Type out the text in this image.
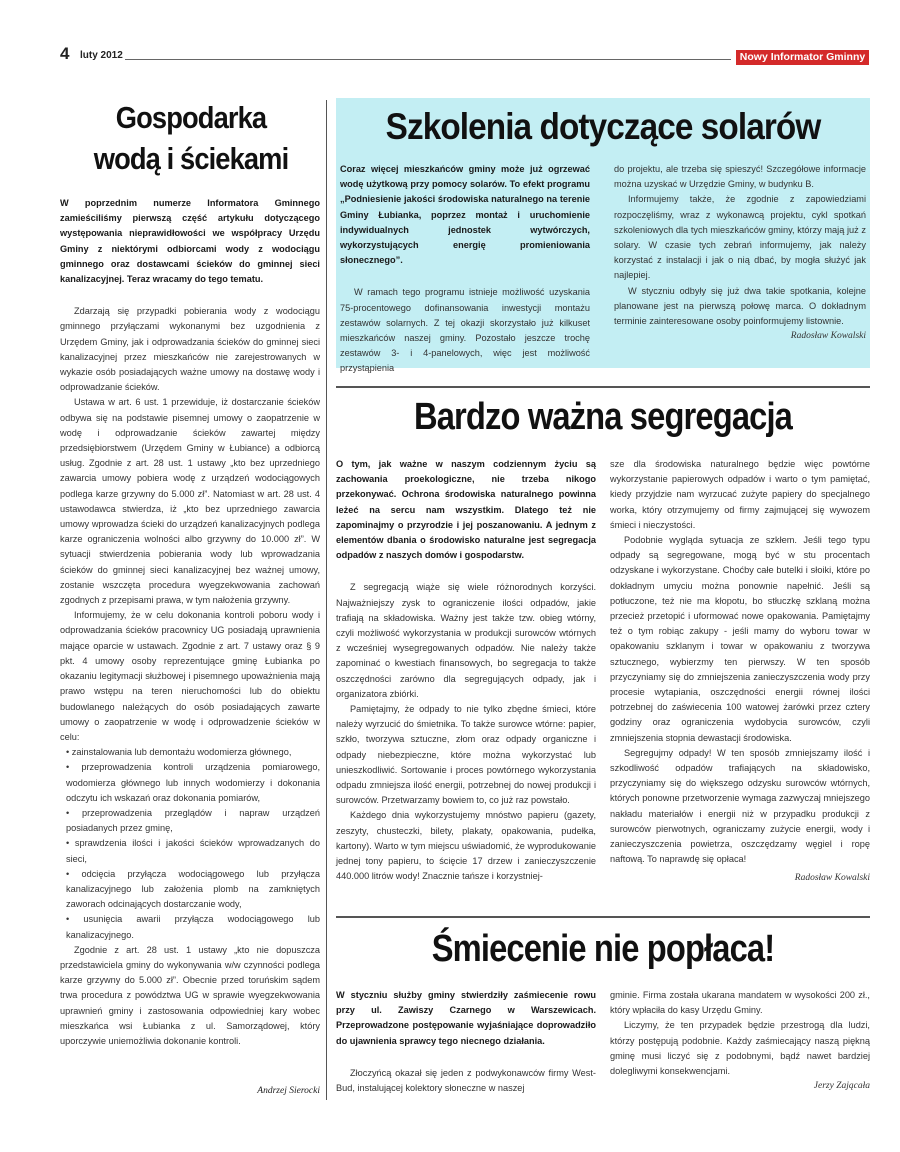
4 luty 2012	Nowy Informator Gminny
Gospodarka
wodą i ściekami

W poprzednim numerze Informatora Gminnego zamieściliśmy pierwszą część artykułu dotyczącego występowania nieprawidłowości we współpracy Urzędu Gminy z niektórymi odbiorcami wody z wodociągu gminnego oraz dostawcami ścieków do gminnej sieci kanalizacyjnej. Teraz wracamy do tego tematu.

Zdarzają się przypadki pobierania wody z wodociągu gminnego przyłączami wykonanymi bez uzgodnienia z Urzędem Gminy, jak i odprowadzania ścieków do gminnej sieci kanalizacyjnej przez mieszkańców nie zarejestrowanych w wykazie osób posiadających ważne umowy na dostawę wody i odprowadzanie ścieków.

Ustawa w art. 6 ust. 1 przewiduje, iż dostarczanie ścieków odbywa się na podstawie pisemnej umowy o zaopatrzenie w wodę i odprowadzanie ścieków zawartej między przedsiębiorstwem (Urzędem Gminy w Łubiance) a odbiorcą usług. Zgodnie z art. 28 ust. 1 ustawy „kto bez uprzedniego zawarcia umowy pobiera wodę z urządzeń wodociągowych podlega karze grzywny do 5.000 zł”. Natomiast w art. 28 ust. 4 ustawodawca stwierdza, iż „kto bez uprzedniego zawarcia umowy wprowadza ścieki do urządzeń kanalizacyjnych podlega karze ograniczenia wolności albo grzywny do 10.000 zł”. W sytuacji stwierdzenia pobierania wody lub wprowadzania ścieków do gminnej sieci kanalizacyjnej bez ważnej umowy, zostanie wszczęta procedura wyegzekwowania zachowań zgodnych z przepisami prawa, w tym nałożenia grzywny.

Informujemy, że w celu dokonania kontroli poboru wody i odprowadzania ścieków pracownicy UG posiadają uprawnienia mające oparcie w ustawach. Zgodnie z art. 7 ustawy oraz § 9 pkt. 4 umowy osoby reprezentujące gminę Łubianka po okazaniu legitymacji służbowej i pisemnego upoważnienia mają prawo wstępu na teren nieruchomości lub do obiektu budowlanego należących do osób posiadających zawarte umowy o zaopatrzenie w wodę i odprowadzenie ścieków w celu:

• zainstalowania lub demontażu wodomierza głównego,

• przeprowadzenia kontroli urządzenia pomiarowego, wodomierza głównego lub innych wodomierzy i dokonania odczytu ich wskazań oraz dokonania pomiarów,

• przeprowadzenia przeglądów i napraw urządzeń posiadanych przez gminę,

• sprawdzenia ilości i jakości ścieków wprowadzanych do sieci,

• odcięcia przyłącza wodociągowego lub przyłącza kanalizacyjnego lub założenia plomb na zamkniętych zaworach odcinających dostarczanie wody,

• usunięcia awarii przyłącza wodociągowego lub kanalizacyjnego.

Zgodnie z art. 28 ust. 1 ustawy „kto nie dopuszcza przedstawiciela gminy do wykonywania w/w czynności podlega karze grzywny do 5.000 zł”. Obecnie przed toruńskim sądem trwa procedura z powództwa UG w sprawie wyegzekwowania uprawnień gminy i zastosowania odpowiedniej kary wobec mieszkańca wsi Łubianka z ul. Samorządowej, który uporczywie uniemożliwia dokonanie kontroli.

Andrzej Sierocki
Szkolenia dotyczące solarów

Coraz więcej mieszkańców gminy może już ogrzewać wodę użytkową przy pomocy solarów. To efekt programu „Podniesienie jakości środowiska naturalnego na terenie Gminy Łubianka, poprzez montaż i uruchomienie indywidualnych jednostek wytwórczych, wykorzystujących energię promieniowania słonecznego”.

W ramach tego programu istnieje możliwość uzyskania 75-procentowego dofinansowania inwestycji montażu zestawów solarnych. Z tej okazji skorzystało już kilkuset mieszkańców naszej gminy. Pozostało jeszcze trochę zestawów 3- i 4-panelowych, więc jest możliwość przystąpienia

do projektu, ale trzeba się spieszyć! Szczegółowe informacje można uzyskać w Urzędzie Gminy, w budynku B.

Informujemy także, że zgodnie z zapowiedziami rozpoczęliśmy, wraz z wykonawcą projektu, cykl spotkań szkoleniowych dla tych mieszkańców gminy, którzy mają już z solary. W czasie tych zebrań informujemy, jak należy korzystać z instalacji i jak o nią dbać, by mogła służyć jak najlepiej.

W styczniu odbyły się już dwa takie spotkania, kolejne planowane jest na pierwszą połowę marca. O dokładnym terminie zainteresowane osoby poinformujemy listownie.

Radosław Kowalski
Bardzo ważna segregacja

O tym, jak ważne w naszym codziennym życiu są zachowania proekologiczne, nie trzeba nikogo przekonywać. Ochrona środowiska naturalnego powinna leżeć na sercu nam wszystkim. Dlatego też nie zapominajmy o przyrodzie i jej poszanowaniu. A jednym z elementów dbania o środowisko naturalne jest segregacja odpadów z naszych domów i gospodarstw.

Z segregacją wiąże się wiele różnorodnych korzyści. Najważniejszy zysk to ograniczenie ilości odpadów, jakie trafiają na składowiska. Ważny jest także tzw. obieg wtórny, czyli możliwość wykorzystania w produkcji surowców wtórnych z wcześniej wysegregowanych odpadów. Nie należy także zapominać o kwestiach finansowych, bo segregacja to także oszczędności zarówno dla segregujących odpady, jak i organizatora zbiórki.

Pamiętajmy, że odpady to nie tylko zbędne śmieci, które należy wyrzucić do śmietnika. To także surowce wtórne: papier, szkło, tworzywa sztuczne, złom oraz odpady organiczne i odpady niebezpieczne, które można wykorzystać lub unieszkodliwić. Sortowanie i proces powtórnego wykorzystania odpadu zmniejsza ilość energii, potrzebnej do nowej produkcji i surowców. Przetwarzamy bowiem to, co już raz powstało.

Każdego dnia wykorzystujemy mnóstwo papieru (gazety, zeszyty, chusteczki, bilety, plakaty, opakowania, pudełka, kartony). Warto w tym miejscu uświadomić, że wyprodukowanie jednej tony papieru, to ścięcie 17 drzew i zanieczyszczenie 440.000 litrów wody! Znacznie tańsze i korzystniej-

sze dla środowiska naturalnego będzie więc powtórne wykorzystanie papierowych odpadów i warto o tym pamiętać, kiedy przyjdzie nam wyrzucać zużyte papiery do specjalnego worka, który otrzymujemy od firmy zajmującej się wywozem śmieci i nieczystości.

Podobnie wygląda sytuacja ze szkłem. Jeśli tego typu odpady są segregowane, mogą być w stu procentach odzyskane i wykorzystane. Choćby całe butelki i słoiki, które po dokładnym umyciu można ponownie napełnić. Jeśli są potłuczone, też nie ma kłopotu, bo stłuczkę szklaną można przecież przetopić i uformować nowe opakowania. Pamiętajmy też o tym robiąc zakupy - jeśli mamy do wyboru towar w opakowaniu szklanym i towar w opakowaniu z tworzywa sztucznego, wybierzmy ten pierwszy. W ten sposób przyczyniamy się do zmniejszenia zanieczyszczenia wody przy procesie wytapiania, oszczędności energii równej ilości potrzebnej do zaświecenia 100 watowej żarówki przez cztery godziny oraz ograniczenia wydobycia surowców, czyli zmniejszenia stopnia dewastacji środowiska.

Segregujmy odpady! W ten sposób zmniejszamy ilość i szkodliwość odpadów trafiających na składowisko, przyczyniamy się do większego odzysku surowców wtórnych, których ponowne przetworzenie wymaga zazwyczaj mniejszego nakładu materiałów i energii niż w przypadku produkcji z surowców pierwotnych, ograniczamy zużycie energii, wody i zanieczyszczenia powietrza, oszczędzamy węgiel i ropę naftową. To naprawdę się opłaca!

Radosław Kowalski
Śmiecenie nie popłaca!

W styczniu służby gminy stwierdziły zaśmiecenie rowu przy ul. Zawiszy Czarnego w Warszewicach. Przeprowadzone postępowanie wyjaśniające doprowadziło do ujawnienia sprawcy tego niecnego działania.

Złoczyńcą okazał się jeden z podwykonawców firmy West-Bud, instalującej kolektory słoneczne w naszej

gminie. Firma została ukarana mandatem w wysokości 200 zł., który wpłaciła do kasy Urzędu Gminy.

Liczymy, że ten przypadek będzie przestrogą dla ludzi, którzy postępują podobnie. Każdy zaśmiecający naszą piękną gminę musi liczyć się z podobnymi, bądź nawet bardziej dolegliwymi konsekwencjami.

Jerzy Zającała
